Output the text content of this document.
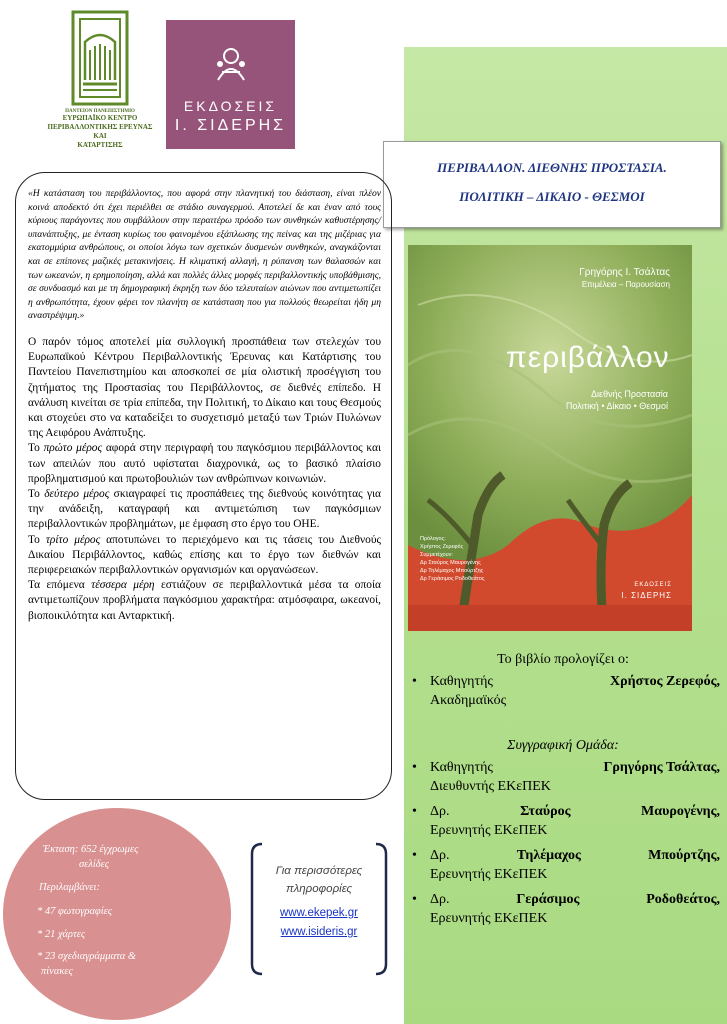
ΠΑΝΤΕΙΟΝ ΠΑΝΕΠΙΣΤΗΜΙΟ
ΕΥΡΩΠΑΪΚΟ ΚΕΝΤΡΟ
ΠΕΡΙΒΑΛΛΟΝΤΙΚΗΣ ΕΡΕΥΝΑΣ ΚΑΙ
ΚΑΤΑΡΤΙΣΗΣ
ΕΚΔΟΣΕΙΣ
Ι. ΣΙΔΕΡΗΣ
ΠΕΡΙΒΑΛΛΟΝ. ΔΙΕΘΝΗΣ ΠΡΟΣΤΑΣΙΑ.
ΠΟΛΙΤΙΚΗ – ΔΙΚΑΙΟ - ΘΕΣΜΟΙ
Γρηγόρης Ι. Τσάλτας
Επιμέλεια – Παρουσίαση
περιβάλλον
Διεθνής Προστασία
Πολιτική • Δίκαιο • Θεσμοί
Πρόλογος:
Χρήστος Ζερεφός
Συμμετέχουν:
Δρ Σταύρος Μαυρογένης
Δρ Τηλέμαχος Μπούρτζης
Δρ Γεράσιμος Ροδοθεάτος
ΕΚΔΟΣΕΙΣ
Ι. ΣΙΔΕΡΗΣ
Το βιβλίο προλογίζει ο:
• Καθηγητής	Χρήστος Ζερεφός,
Ακαδημαϊκός
Συγγραφική Ομάδα:
• Καθηγητής	Γρηγόρης Τσάλτας,
Διευθυντής ΕΚεΠΕΚ
• Δρ.	Σταύρος	Μαυρογένης,
Ερευνητής ΕΚεΠΕΚ
• Δρ.	Τηλέμαχος	Μπούρτζης,
Ερευνητής ΕΚεΠΕΚ
• Δρ.	Γεράσιμος	Ροδοθεάτος,
Ερευνητής ΕΚεΠΕΚ

«Η κατάσταση του περιβάλλοντος, που αφορά στην πλανητική του διάσταση, είναι πλέον κοινά αποδεκτό ότι έχει περιέλθει σε στάδιο συναγερμού. Αποτελεί δε και έναν από τους κύριους παράγοντες που συμβάλλουν στην περαιτέρω πρόοδο των συνθηκών καθυστέρησης/ υπανάπτυξης, με ένταση κυρίως του φαινομένου εξάπλωσης της πείνας και της μιζέριας για εκατομμύρια ανθρώπους, οι οποίοι λόγω των σχετικών δυσμενών συνθηκών, αναγκάζονται και σε επίπονες μαζικές μετακινήσεις. Η κλιματική αλλαγή, η ρύπανση των θαλασσών και των ωκεανών, η ερημοποίηση, αλλά και πολλές άλλες μορφές περιβαλλοντικής υποβάθμισης, σε συνδυασμό και με τη δημογραφική έκρηξη των δύο τελευταίων αιώνων που αντιμετωπίζει η ανθρωπότητα, έχουν φέρει τον πλανήτη σε κατάσταση που για πολλούς θεωρείται ήδη μη αναστρέψιμη.»

Ο παρόν τόμος αποτελεί μία συλλογική προσπάθεια των στελεχών του Ευρωπαϊκού Κέντρου Περιβαλλοντικής Έρευνας και Κατάρτισης του Παντείου Πανεπιστημίου και αποσκοπεί σε μία ολιστική προσέγγιση του ζητήματος της Προστασίας του Περιβάλλοντος, σε διεθνές επίπεδο. Η ανάλυση κινείται σε τρία επίπεδα, την Πολιτική, το Δίκαιο και τους Θεσμούς και στοχεύει στο να καταδείξει το συσχετισμό μεταξύ των Τριών Πυλώνων της Αειφόρου Ανάπτυξης.

Το πρώτο μέρος αφορά στην περιγραφή του παγκόσμιου περιβάλλοντος και των απειλών που αυτό υφίσταται διαχρονικά, ως το βασικό πλαίσιο προβληματισμού και πρωτοβουλιών των ανθρώπινων κοινωνιών.

Το δεύτερο μέρος σκιαγραφεί τις προσπάθειες της διεθνούς κοινότητας για την ανάδειξη, καταγραφή και αντιμετώπιση των παγκόσμιων περιβαλλοντικών προβλημάτων, με έμφαση στο έργο του ΟΗΕ.

Το τρίτο μέρος αποτυπώνει το περιεχόμενο και τις τάσεις του Διεθνούς Δικαίου Περιβάλλοντος, καθώς επίσης και το έργο των διεθνών και περιφερειακών περιβαλλοντικών οργανισμών και οργανώσεων.

Τα επόμενα τέσσερα μέρη εστιάζουν σε περιβαλλοντικά μέσα τα οποία αντιμετωπίζουν προβλήματα παγκόσμιου χαρακτήρα: ατμόσφαιρα, ωκεανοί, βιοποικιλότητα και Ανταρκτική.

Έκταση: 652 έγχρωμες
σελίδες
Περιλαμβάνει:
* 47 φωτογραφίες
* 21 χάρτες
* 23 σχεδιαγράμματα &
πίνακες
Για περισσότερες
πληροφορίες
www.ekepek.gr
www.isideris.gr
